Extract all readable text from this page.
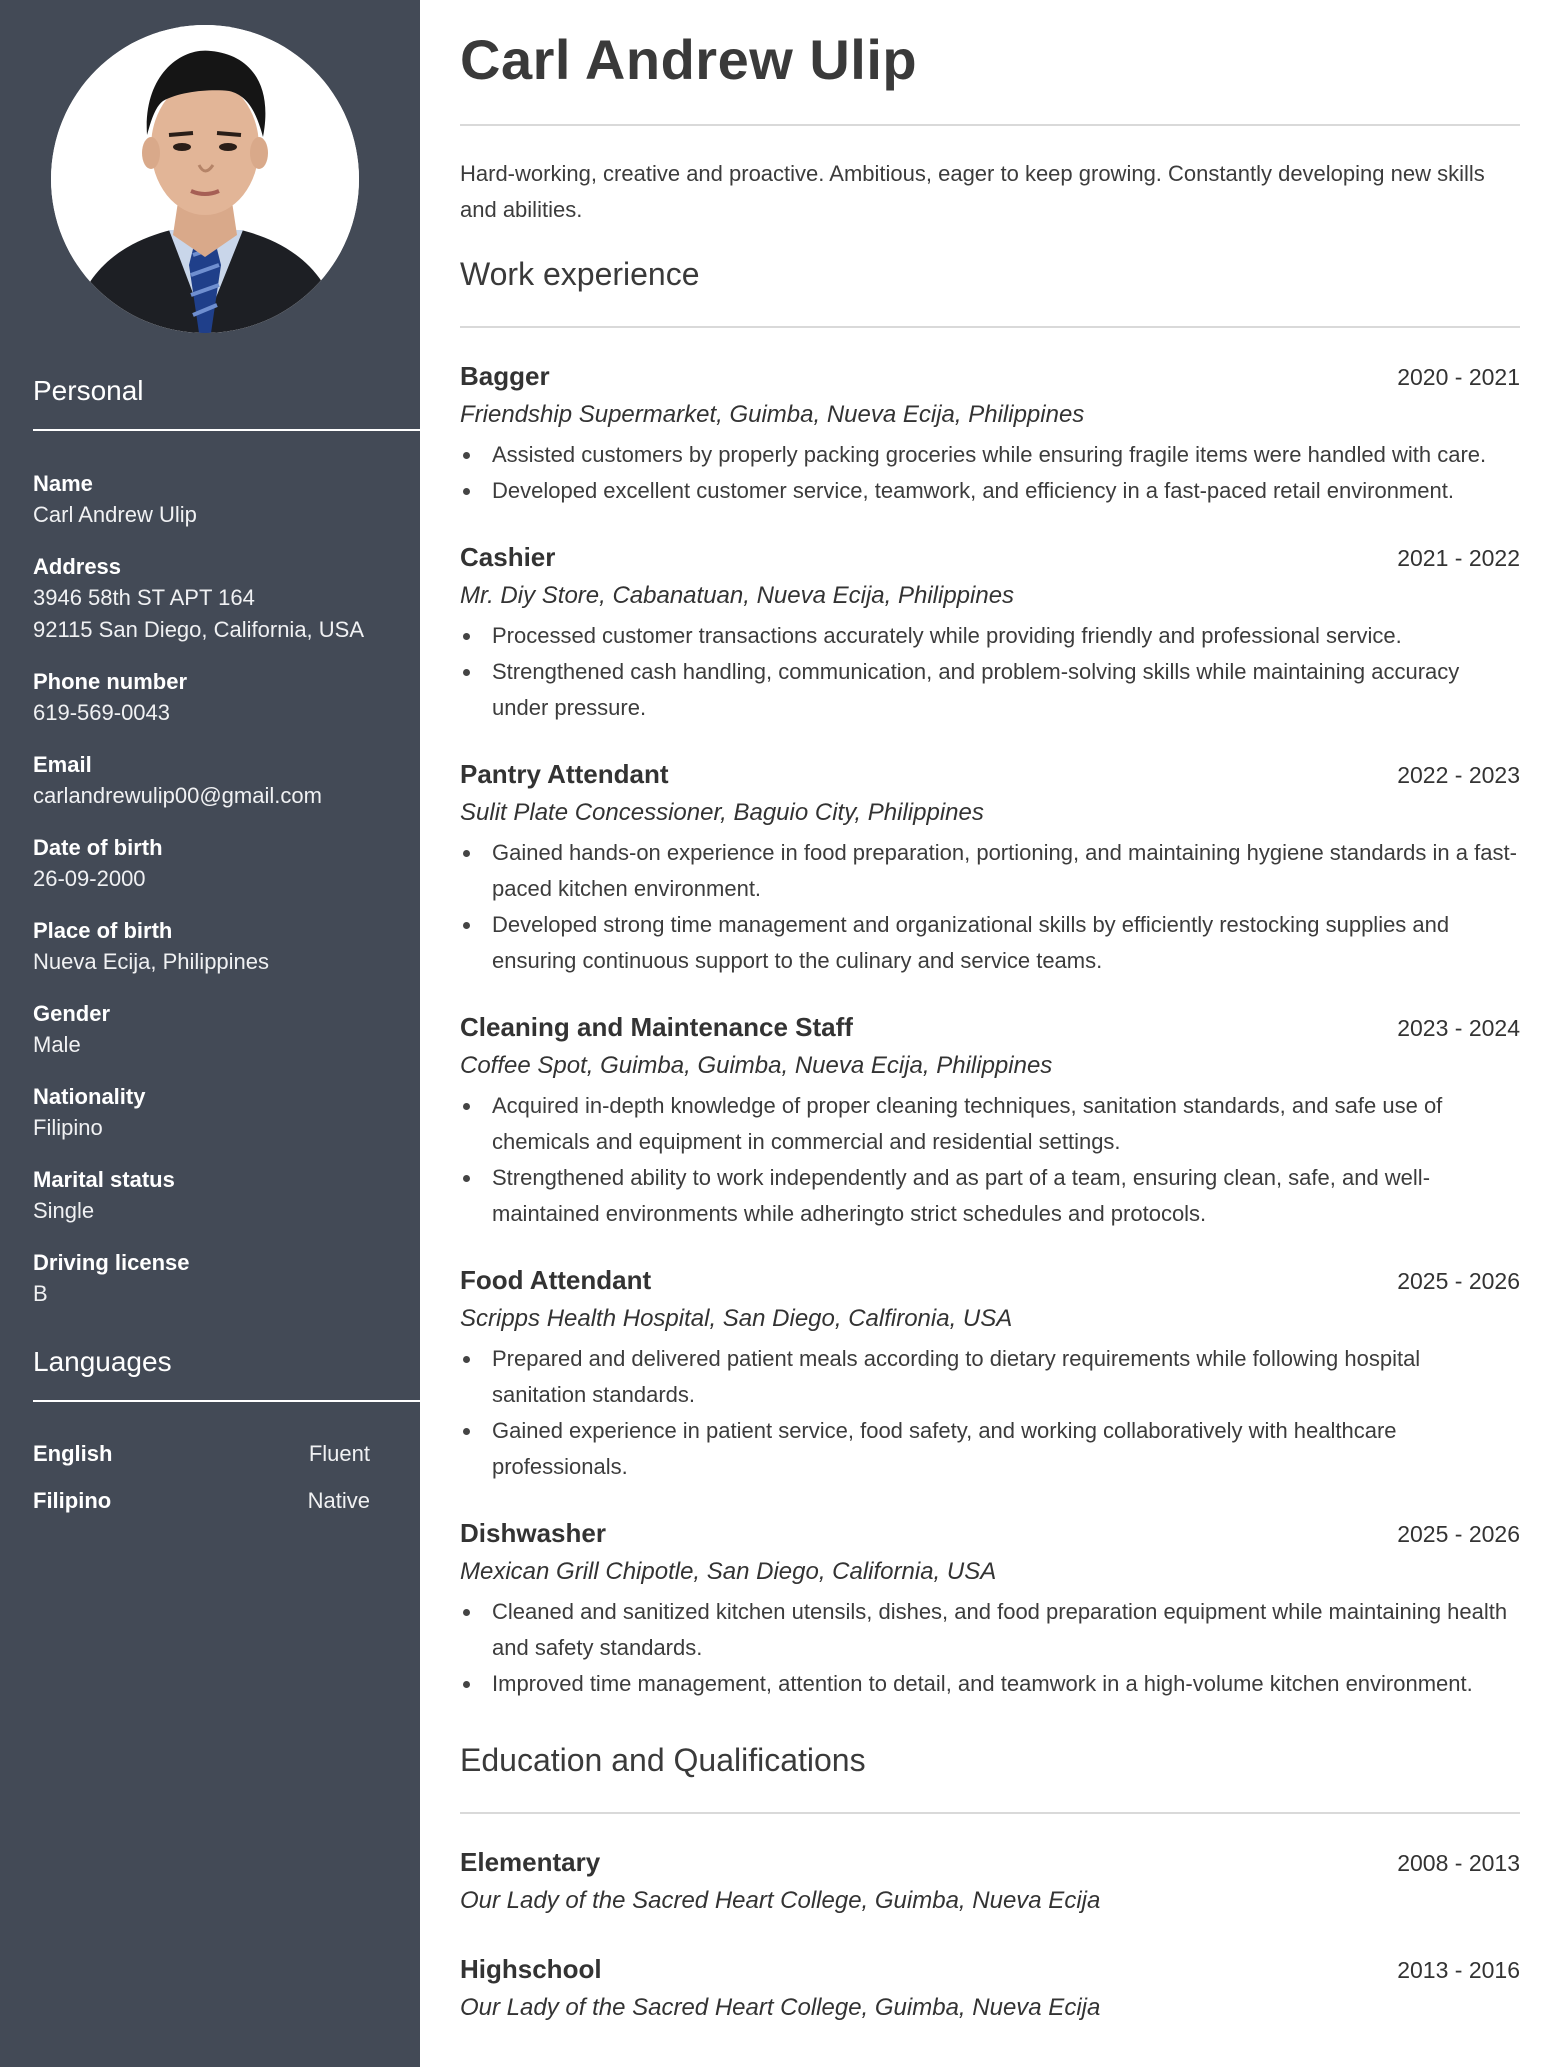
Personal
Name
Carl Andrew Ulip
Address
3946 58th ST APT 164
92115 San Diego, California, USA
Phone number
619-569-0043
Email
carlandrewulip00@gmail.com
Date of birth
26-09-2000
Place of birth
Nueva Ecija, Philippines
Gender
Male
Nationality
Filipino
Marital status
Single
Driving license
B
Languages
English	Fluent
Filipino	Native
Carl Andrew Ulip

Hard-working, creative and proactive. Ambitious, eager to keep growing. Constantly developing new skills and abilities.

Work experience
Bagger	2020 - 2021
Friendship Supermarket, Guimba, Nueva Ecija, Philippines
Assisted customers by properly packing groceries while ensuring fragile items were handled with care.
Developed excellent customer service, teamwork, and efficiency in a fast-paced retail environment.
Cashier	2021 - 2022
Mr. Diy Store, Cabanatuan, Nueva Ecija, Philippines
Processed customer transactions accurately while providing friendly and professional service.
Strengthened cash handling, communication, and problem-solving skills while maintaining accuracy under pressure.
Pantry Attendant	2022 - 2023
Sulit Plate Concessioner, Baguio City, Philippines
Gained hands-on experience in food preparation, portioning, and maintaining hygiene standards in a fast-paced kitchen environment.
Developed strong time management and organizational skills by efficiently restocking supplies and ensuring continuous support to the culinary and service teams.
Cleaning and Maintenance Staff	2023 - 2024
Coffee Spot, Guimba, Guimba, Nueva Ecija, Philippines
Acquired in-depth knowledge of proper cleaning techniques, sanitation standards, and safe use of chemicals and equipment in commercial and residential settings.
Strengthened ability to work independently and as part of a team, ensuring clean, safe, and well-maintained environments while adheringto strict schedules and protocols.
Food Attendant	2025 - 2026
Scripps Health Hospital, San Diego, Calfironia, USA
Prepared and delivered patient meals according to dietary requirements while following hospital sanitation standards.
Gained experience in patient service, food safety, and working collaboratively with healthcare professionals.
Dishwasher	2025 - 2026
Mexican Grill Chipotle, San Diego, California, USA
Cleaned and sanitized kitchen utensils, dishes, and food preparation equipment while maintaining health and safety standards.
Improved time management, attention to detail, and teamwork in a high-volume kitchen environment.
Education and Qualifications
Elementary	2008 - 2013
Our Lady of the Sacred Heart College, Guimba, Nueva Ecija
Highschool	2013 - 2016
Our Lady of the Sacred Heart College, Guimba, Nueva Ecija
